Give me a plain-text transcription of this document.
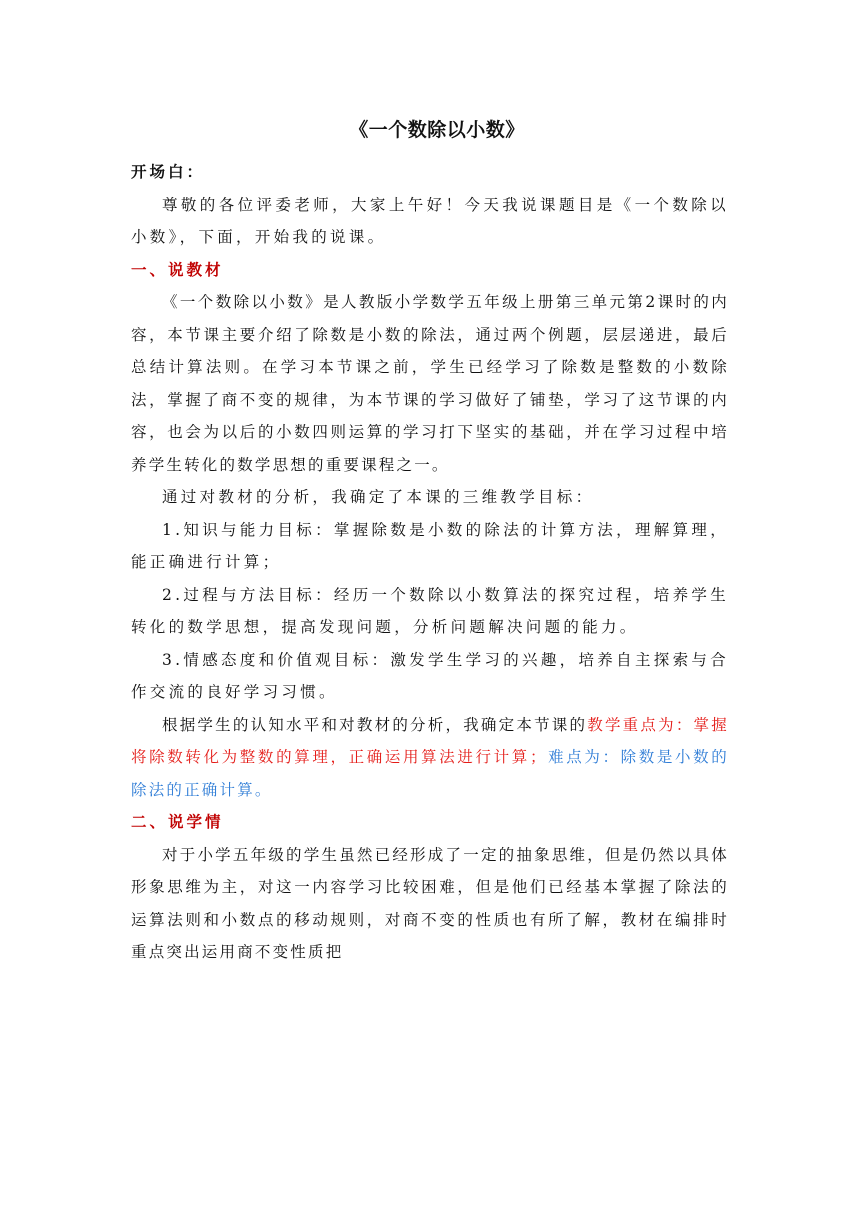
《一个数除以小数》

开场白：

尊敬的各位评委老师，大家上午好！今天我说课题目是《一个数除以小数》，下面，开始我的说课。

一、说教材

《一个数除以小数》是人教版小学数学五年级上册第三单元第2课时的内容，本节课主要介绍了除数是小数的除法，通过两个例题，层层递进，最后总结计算法则。在学习本节课之前，学生已经学习了除数是整数的小数除法，掌握了商不变的规律，为本节课的学习做好了铺垫，学习了这节课的内容，也会为以后的小数四则运算的学习打下坚实的基础，并在学习过程中培养学生转化的数学思想的重要课程之一。

通过对教材的分析，我确定了本课的三维教学目标：

1.知识与能力目标：掌握除数是小数的除法的计算方法，理解算理，能正确进行计算；

2.过程与方法目标：经历一个数除以小数算法的探究过程，培养学生转化的数学思想，提高发现问题，分析问题解决问题的能力。

3.情感态度和价值观目标：激发学生学习的兴趣，培养自主探索与合作交流的良好学习习惯。

根据学生的认知水平和对教材的分析，我确定本节课的教学重点为：掌握将除数转化为整数的算理，正确运用算法进行计算；难点为：除数是小数的除法的正确计算。

二、说学情

对于小学五年级的学生虽然已经形成了一定的抽象思维，但是仍然以具体形象思维为主，对这一内容学习比较困难，但是他们已经基本掌握了除法的运算法则和小数点的移动规则，对商不变的性质也有所了解，教材在编排时重点突出运用商不变性质把
